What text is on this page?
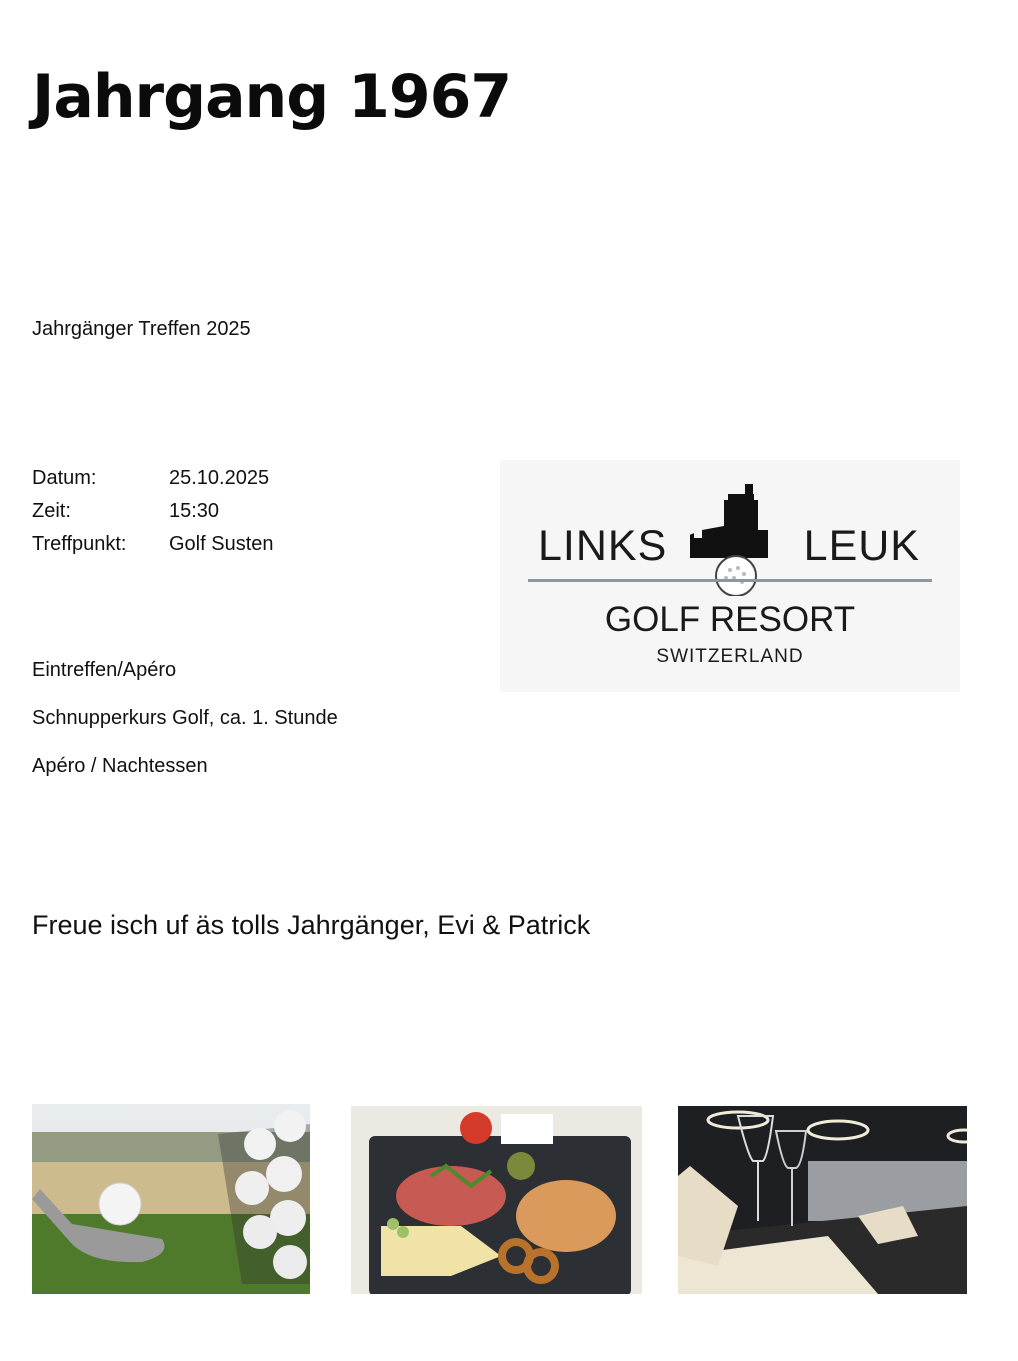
Jahrgang 1967
Jahrgänger Treffen 2025
Datum:	25.10.2025
Zeit:	15:30
Treffpunkt:	Golf Susten
Eintreffen/Apéro
Schnupperkurs Golf, ca. 1. Stunde
Apéro / Nachtessen
Freue isch uf äs tolls Jahrgänger, Evi & Patrick
LINKS	LEUK
GOLF RESORT
SWITZERLAND
